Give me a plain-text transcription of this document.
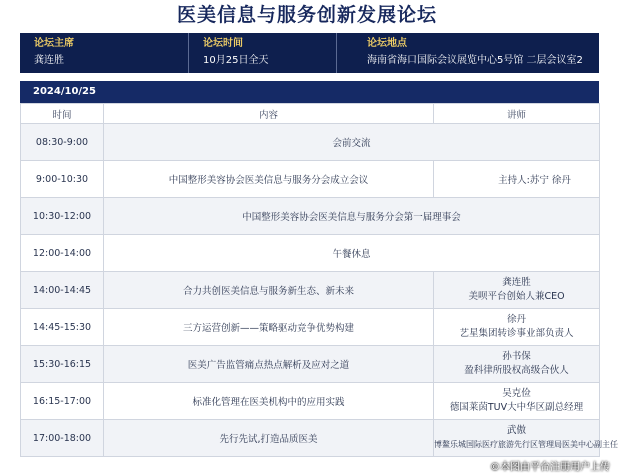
医美信息与服务创新发展论坛
论坛主席
龚连胜
论坛时间
10月25日全天
论坛地点
海南省海口国际会议展览中心5号馆 二层会议室2
2024/10/25
时间	内容	讲师
08:30-9:00	会前交流	
9:00-10:30	中国整形美容协会医美信息与服务分会成立会议	主持人:苏宁 徐丹
10:30-12:00	中国整形美容协会医美信息与服务分会第一届理事会	
12:00-14:00	午餐休息	
14:00-14:45	合力共创医美信息与服务新生态、新未来	龚连胜
美呗平台创始人兼CEO

14:45-15:30	三方运营创新——策略驱动竞争优势构建	徐丹
艺星集团转诊事业部负责人

15:30-16:15	医美广告监管痛点热点解析及应对之道	孙书保
盈科律所股权高级合伙人

16:15-17:00	标准化管理在医美机构中的应用实践	吴克俭
德国莱茵TUV大中华区副总经理

17:00-18:00	先行先试,打造品质医美	武傲
博鳌乐城国际医疗旅游先行区管理局医美中心副主任
©本图由平台注册用户上传
